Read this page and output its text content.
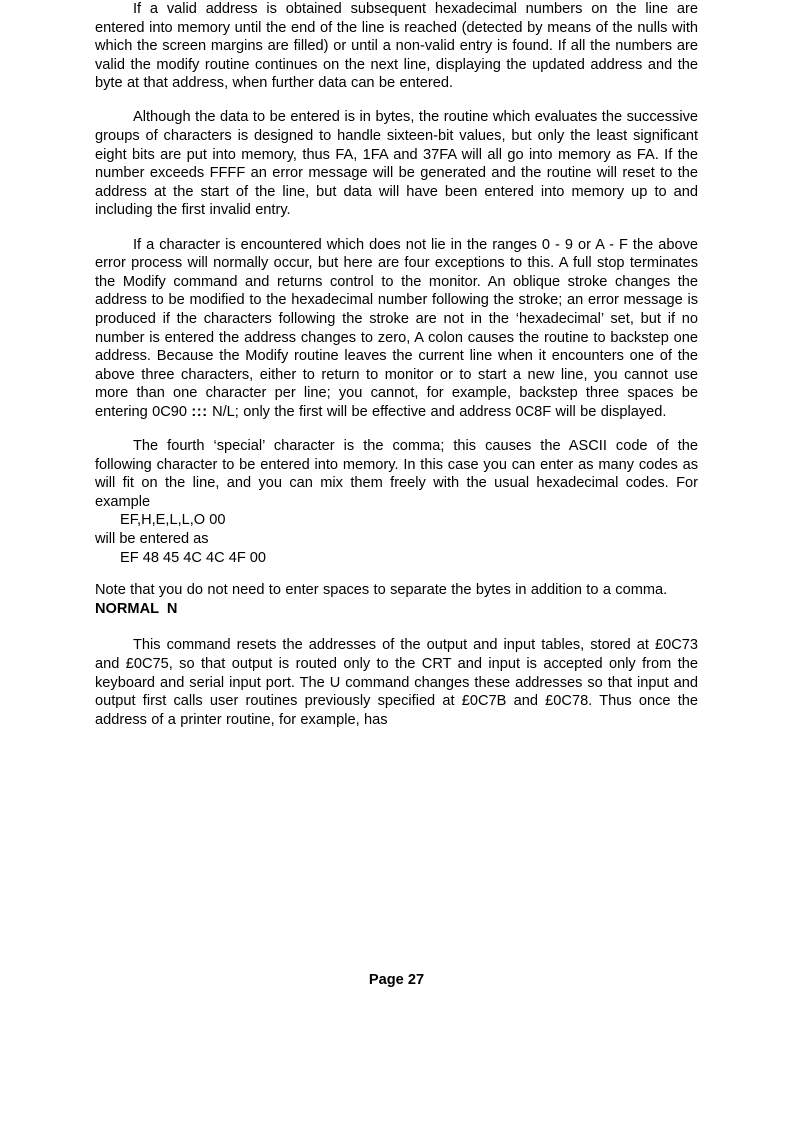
If a valid address is obtained subsequent hexadecimal numbers on the line are entered into memory until the end of the line is reached (detected by means of the nulls with which the screen margins are filled) or until a non-valid entry is found. If all the numbers are valid the modify routine continues on the next line, displaying the updated address and the byte at that address, when further data can be entered.

Although the data to be entered is in bytes, the routine which evaluates the successive groups of characters is designed to handle sixteen-bit values, but only the least significant eight bits are put into memory, thus FA, 1FA and 37FA will all go into memory as FA. If the number exceeds FFFF an error message will be generated and the routine will reset to the address at the start of the line, but data will have been entered into memory up to and including the first invalid entry.

If a character is encountered which does not lie in the ranges 0 - 9 or A - F the above error process will normally occur, but here are four exceptions to this. A full stop terminates the Modify command and returns control to the monitor. An oblique stroke changes the address to be modified to the hexadecimal number following the stroke; an error message is produced if the characters following the stroke are not in the ‘hexadecimal’ set, but if no number is entered the address changes to zero, A colon causes the routine to backstep one address. Because the Modify routine leaves the current line when it encounters one of the above three characters, either to return to monitor or to start a new line, you cannot use more than one character per line; you cannot, for example, backstep three spaces be entering 0C90 ::: N/L; only the first will be effective and address 0C8F will be displayed.

The fourth ‘special’ character is the comma; this causes the ASCII code of the following character to be entered into memory. In this case you can enter as many codes as will fit on the line, and you can mix them freely with the usual hexadecimal codes. For example

EF,H,E,L,L,O 00

will be entered as

EF 48 45 4C 4C 4F 00

Note that you do not need to enter spaces to separate the bytes in addition to a comma.

NORMAL  N

This command resets the addresses of the output and input tables, stored at £0C73 and £0C75, so that output is routed only to the CRT and input is accepted only from the keyboard and serial input port. The U command changes these addresses so that input and output first calls user routines previously specified at £0C7B and £0C78. Thus once the address of a printer routine, for example, has

Page 27
